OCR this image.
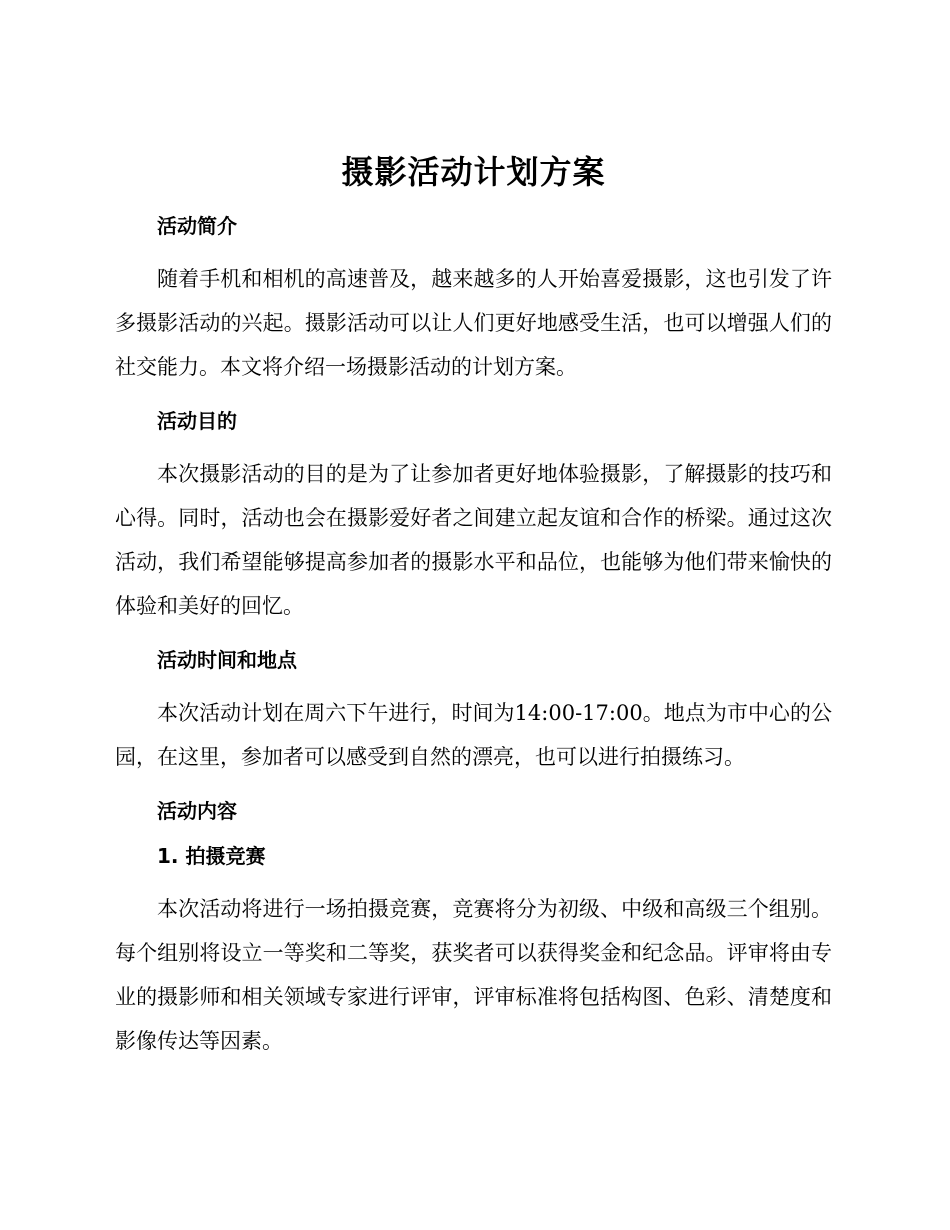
摄影活动计划方案
活动简介

随着手机和相机的高速普及，越来越多的人开始喜爱摄影，这也引发了许多摄影活动的兴起。摄影活动可以让人们更好地感受生活，也可以增强人们的社交能力。本文将介绍一场摄影活动的计划方案。

活动目的

本次摄影活动的目的是为了让参加者更好地体验摄影，了解摄影的技巧和心得。同时，活动也会在摄影爱好者之间建立起友谊和合作的桥梁。通过这次活动，我们希望能够提高参加者的摄影水平和品位，也能够为他们带来愉快的体验和美好的回忆。

活动时间和地点

本次活动计划在周六下午进行，时间为14:00-17:00。地点为市中心的公园，在这里，参加者可以感受到自然的漂亮，也可以进行拍摄练习。

活动内容
1. 拍摄竞赛

本次活动将进行一场拍摄竞赛，竞赛将分为初级、中级和高级三个组别。每个组别将设立一等奖和二等奖，获奖者可以获得奖金和纪念品。评审将由专业的摄影师和相关领域专家进行评审，评审标准将包括构图、色彩、清楚度和影像传达等因素。
